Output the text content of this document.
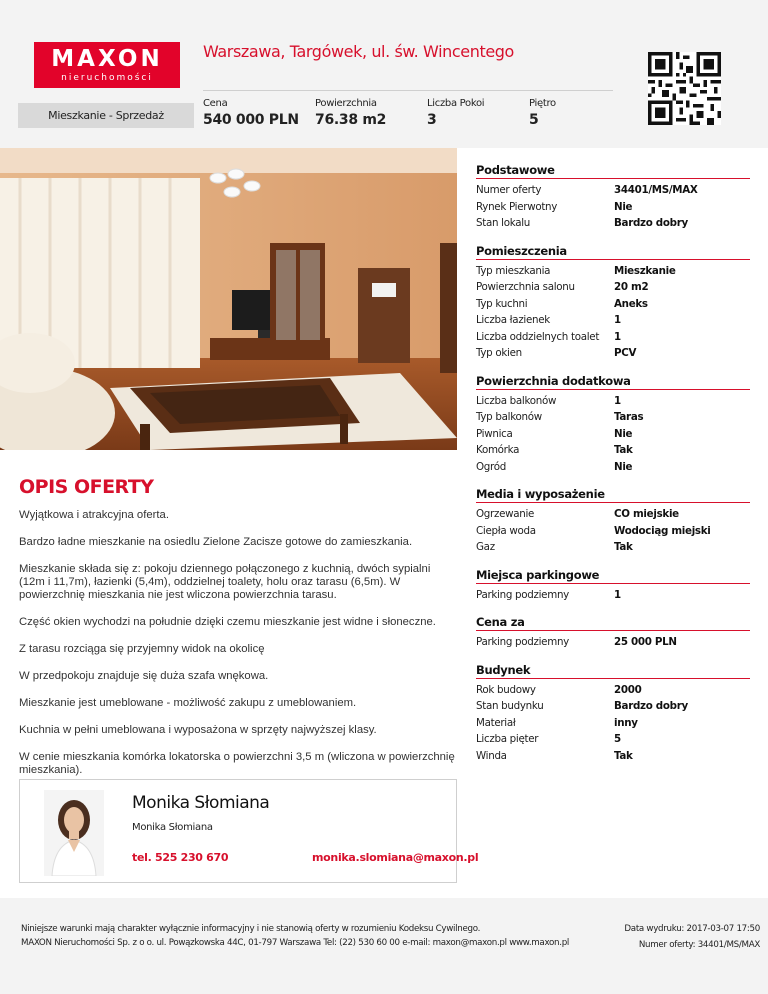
MAXON
nieruchomości
Warszawa, Targówek, ul. św. Wincentego
Mieszkanie - Sprzedaż
Cena
540 000 PLN
Powierzchnia
76.38 m2
Liczba Pokoi
3
Piętro
5
Podstawowe
Numer oferty	34401/MS/MAX
Rynek Pierwotny	Nie
Stan lokalu	Bardzo dobry
Pomieszczenia
Typ mieszkania	Mieszkanie
Powierzchnia salonu	20 m2
Typ kuchni	Aneks
Liczba łazienek	1
Liczba oddzielnych toalet	1
Typ okien	PCV
Powierzchnia dodatkowa
Liczba balkonów	1
Typ balkonów	Taras
Piwnica	Nie
Komórka	Tak
Ogród	Nie
Media i wyposażenie
Ogrzewanie	CO miejskie
Ciepła woda	Wodociąg miejski
Gaz	Tak
Miejsca parkingowe
Parking podziemny	1
Cena za
Parking podziemny	25 000 PLN
Budynek
Rok budowy	2000
Stan budynku	Bardzo dobry
Materiał	inny
Liczba pięter	5
Winda	Tak
OPIS OFERTY

Wyjątkowa i atrakcyjna oferta.

Bardzo ładne mieszkanie na osiedlu Zielone Zacisze gotowe do zamieszkania.

Mieszkanie składa się z: pokoju dziennego połączonego z kuchnią, dwóch sypialni (12m i 11,7m), łazienki (5,4m), oddzielnej toalety, holu oraz tarasu (6,5m). W powierzchnię mieszkania nie jest wliczona powierzchnia tarasu.

Część okien wychodzi na południe dzięki czemu mieszkanie jest widne i słoneczne.

Z tarasu rozciąga się przyjemny widok na okolicę

W przedpokoju znajduje się duża szafa wnękowa.

Mieszkanie jest umeblowane - możliwość zakupu z umeblowaniem.

Kuchnia w pełni umeblowana i wyposażona w sprzęty najwyższej klasy.

W cenie mieszkania komórka lokatorska o powierzchni 3,5 m (wliczona w powierzchnię mieszkania).

Monika Słomiana
Monika Słomiana
tel. 525 230 670	monika.slomiana@maxon.pl
Niniejsze warunki mają charakter wyłącznie informacyjny i nie stanowią oferty w rozumieniu Kodeksu Cywilnego.
MAXON Nieruchomości Sp. z o o. ul. Powązkowska 44C, 01-797 Warszawa Tel: (22) 530 60 00 e-mail: maxon@maxon.pl www.maxon.pl
Data wydruku: 2017-03-07 17:50
Numer oferty: 34401/MS/MAX
